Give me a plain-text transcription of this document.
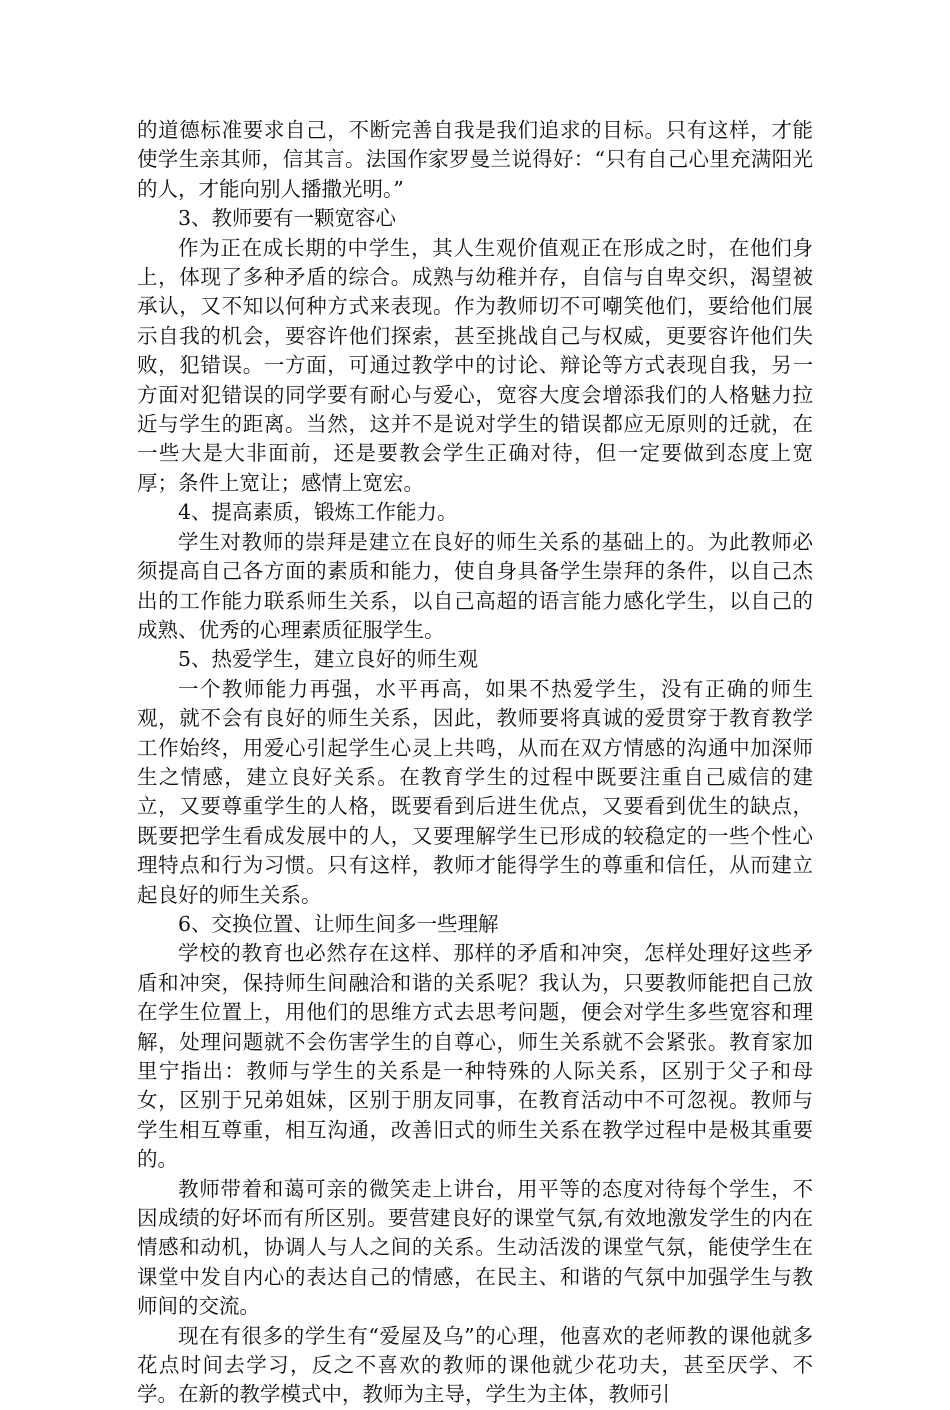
的道德标准要求自己，不断完善自我是我们追求的目标。只有这样，才能使学生亲其师，信其言。法国作家罗曼兰说得好：“只有自己心里充满阳光的人，才能向别人播撒光明。”

3、教师要有一颗宽容心

作为正在成长期的中学生，其人生观价值观正在形成之时，在他们身上，体现了多种矛盾的综合。成熟与幼稚并存，自信与自卑交织，渴望被承认，又不知以何种方式来表现。作为教师切不可嘲笑他们，要给他们展示自我的机会，要容许他们探索，甚至挑战自己与权威，更要容许他们失败，犯错误。一方面，可通过教学中的讨论、辩论等方式表现自我，另一方面对犯错误的同学要有耐心与爱心，宽容大度会增添我们的人格魅力拉近与学生的距离。当然，这并不是说对学生的错误都应无原则的迁就，在一些大是大非面前，还是要教会学生正确对待，但一定要做到态度上宽厚；条件上宽让；感情上宽宏。

4、提高素质，锻炼工作能力。

学生对教师的崇拜是建立在良好的师生关系的基础上的。为此教师必须提高自己各方面的素质和能力，使自身具备学生崇拜的条件，以自己杰出的工作能力联系师生关系，以自己高超的语言能力感化学生，以自己的成熟、优秀的心理素质征服学生。

5、热爱学生，建立良好的师生观

一个教师能力再强，水平再高，如果不热爱学生，没有正确的师生观，就不会有良好的师生关系，因此，教师要将真诚的爱贯穿于教育教学工作始终，用爱心引起学生心灵上共鸣，从而在双方情感的沟通中加深师生之情感，建立良好关系。在教育学生的过程中既要注重自己威信的建立，又要尊重学生的人格，既要看到后进生优点，又要看到优生的缺点，既要把学生看成发展中的人，又要理解学生已形成的较稳定的一些个性心理特点和行为习惯。只有这样，教师才能得学生的尊重和信任，从而建立起良好的师生关系。

6、交换位置、让师生间多一些理解

学校的教育也必然存在这样、那样的矛盾和冲突，怎样处理好这些矛盾和冲突，保持师生间融洽和谐的关系呢？我认为，只要教师能把自己放在学生位置上，用他们的思维方式去思考问题，便会对学生多些宽容和理解，处理问题就不会伤害学生的自尊心，师生关系就不会紧张。教育家加里宁指出：教师与学生的关系是一种特殊的人际关系，区别于父子和母女，区别于兄弟姐妹，区别于朋友同事，在教育活动中不可忽视。教师与学生相互尊重，相互沟通，改善旧式的师生关系在教学过程中是极其重要的。

教师带着和蔼可亲的微笑走上讲台，用平等的态度对待每个学生，不因成绩的好坏而有所区别。要营建良好的课堂气氛,有效地激发学生的内在情感和动机，协调人与人之间的关系。生动活泼的课堂气氛，能使学生在课堂中发自内心的表达自己的情感，在民主、和谐的气氛中加强学生与教师间的交流。

现在有很多的学生有“爱屋及乌”的心理，他喜欢的老师教的课他就多花点时间去学习，反之不喜欢的教师的课他就少花功夫，甚至厌学、不学。在新的教学模式中，教师为主导，学生为主体，教师引
